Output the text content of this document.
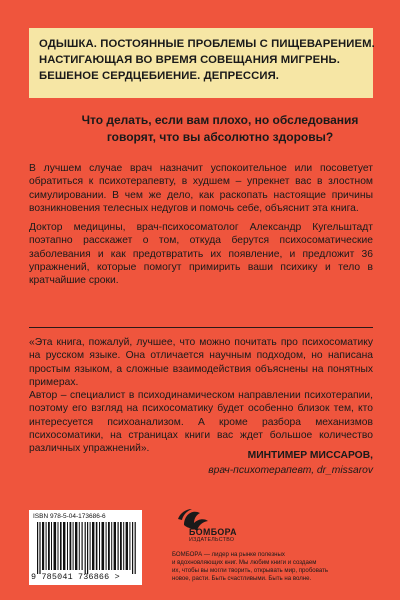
ОДЫШКА. ПОСТОЯННЫЕ ПРОБЛЕМЫ С ПИЩЕВАРЕНИЕМ.
НАСТИГАЮЩАЯ ВО ВРЕМЯ СОВЕЩАНИЯ МИГРЕНЬ.
БЕШЕНОЕ СЕРДЦЕБИЕНИЕ. ДЕПРЕССИЯ.
Что делать, если вам плохо, но обследования говорят, что вы абсолютно здоровы?

В лучшем случае врач назначит успокоительное или посоветует обратиться к психотерапевту, в худшем – упрекнет вас в злостном симулировании. В чем же дело, как раскопать настоящие причины возникновения телесных недугов и помочь себе, объяснит эта книга.

Доктор медицины, врач-психосоматолог Александр Кугельштадт поэтапно расскажет о том, откуда берутся психосоматические заболевания и как предотвратить их появление, и предложит 36 упражнений, которые помогут примирить ваши психику и тело в кратчайшие сроки.

«Эта книга, пожалуй, лучшее, что можно почитать про психосоматику на русском языке. Она отличается научным подходом, но написана простым языком, а сложные взаимодействия объяснены на понятных примерах.

Автор – специалист в психодинамическом направлении психотерапии, поэтому его взгляд на психосоматику будет особенно близок тем, кто интересуется психоанализом. А кроме разбора механизмов психосоматики, на страницах книги вас ждет большое количество различных упражнений».

МИНТИМЕР МИССАРОВ,
врач-психотерапевт, dr_missarov
ISBN 978-5-04-173686-6
9 785041 736866 >
БОМБОРА
ИЗДАТЕЛЬСТВО
БОМБОРА — лидер на рынке полезных
и вдохновляющих книг. Мы любим книги и создаем
их, чтобы вы могли творить, открывать мир, пробовать
новое, расти. Быть счастливыми. Быть на волне.
